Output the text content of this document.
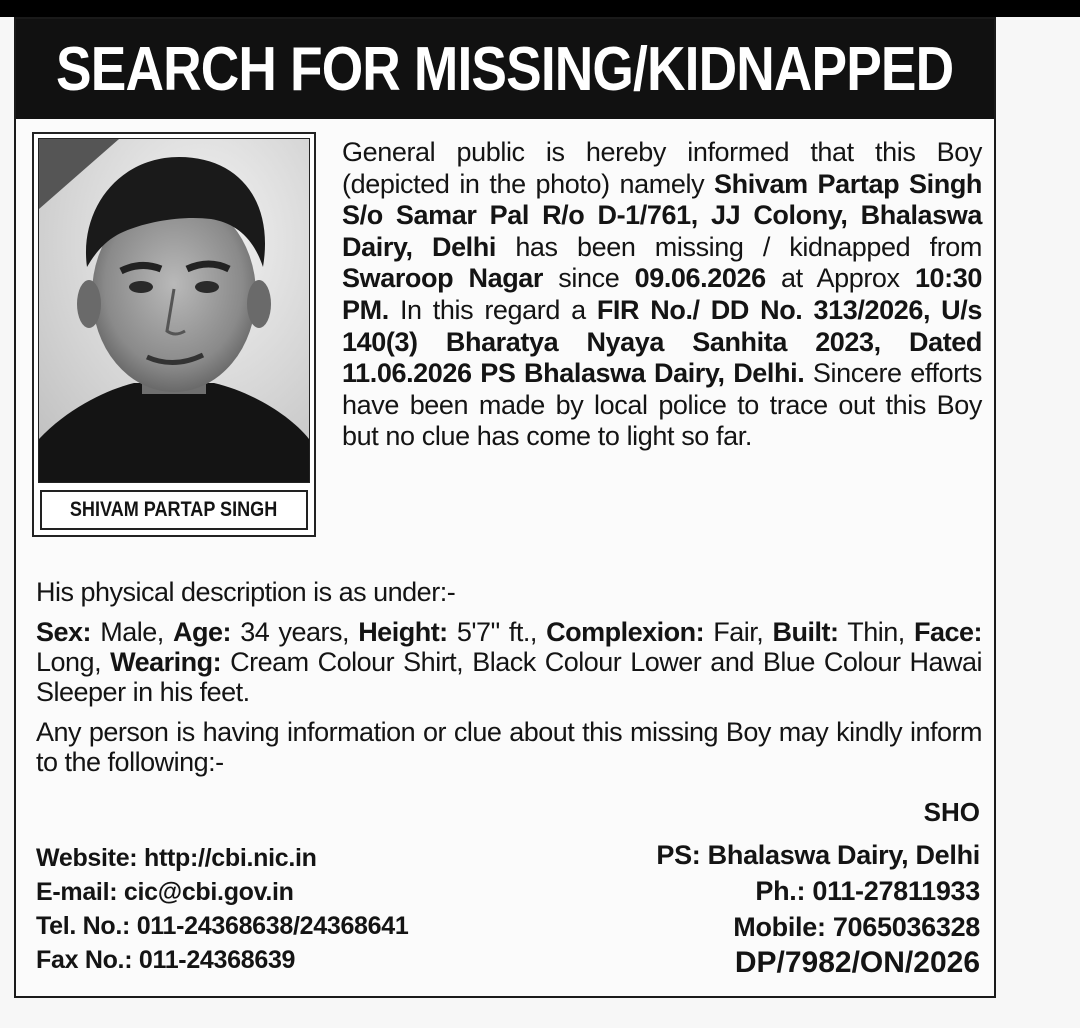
SEARCH FOR MISSING/KIDNAPPED
SHIVAM PARTAP SINGH
General public is hereby informed that this Boy (depicted in the photo) namely Shivam Partap Singh S/o Samar Pal R/o D-1/761, JJ Colony, Bhalaswa Dairy, Delhi has been missing / kidnapped from Swaroop Nagar since 09.06.2026 at Approx 10:30 PM. In this regard a FIR No./ DD No. 313/2026, U/s 140(3) Bharatya Nyaya Sanhita 2023, Dated 11.06.2026 PS Bhalaswa Dairy, Delhi. Sincere efforts have been made by local police to trace out this Boy but no clue has come to light so far.

His physical description is as under:-

Sex: Male, Age: 34 years, Height: 5'7" ft., Complexion: Fair, Built: Thin, Face: Long, Wearing: Cream Colour Shirt, Black Colour Lower and Blue Colour Hawai Sleeper in his feet.

Any person is having information or clue about this missing Boy may kindly inform to the following:-

SHO
Website: http://cbi.nic.in
E-mail: cic@cbi.gov.in
Tel. No.: 011-24368638/24368641
Fax No.: 011-24368639
PS: Bhalaswa Dairy, Delhi
Ph.: 011-27811933
Mobile: 7065036328
DP/7982/ON/2026
